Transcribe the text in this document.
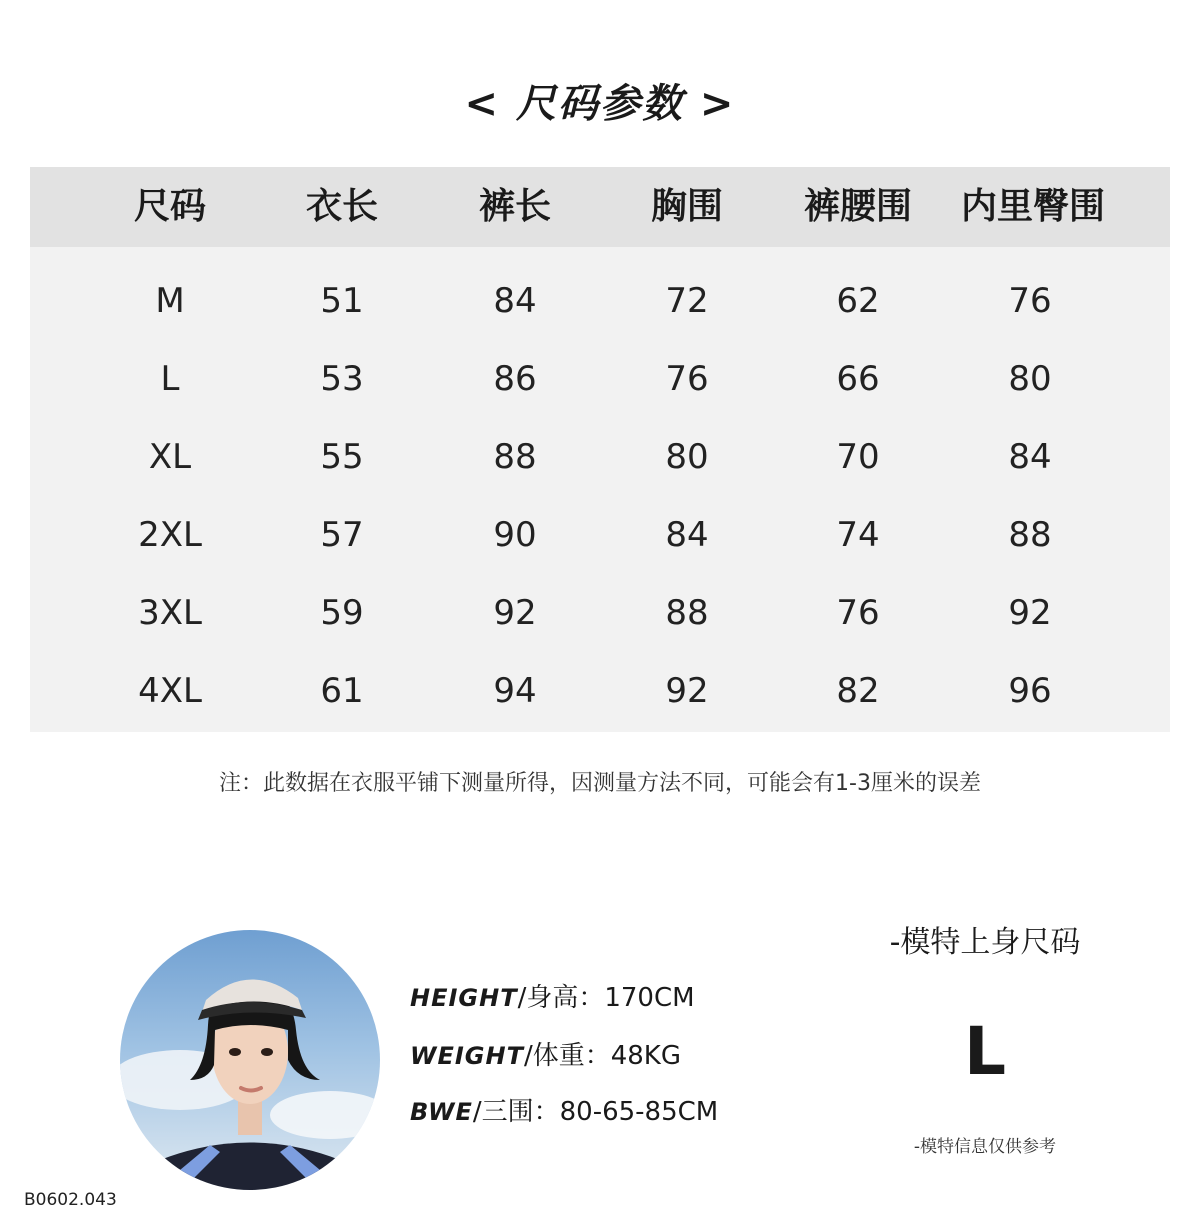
< 尺码参数 >
尺码	衣长	裤长	胸围	裤腰围	内里臀围
M	51	84	72	62	76
L	53	86	76	66	80
XL	55	88	80	70	84
2XL	57	90	84	74	88
3XL	59	92	88	76	92
4XL	61	94	92	82	96
注：此数据在衣服平铺下测量所得，因测量方法不同，可能会有1-3厘米的误差
HEIGHT/身高：170CM
WEIGHT/体重：48KG
BWE/三围：80-65-85CM
-模特上身尺码
L
-模特信息仅供参考
B0602.043
